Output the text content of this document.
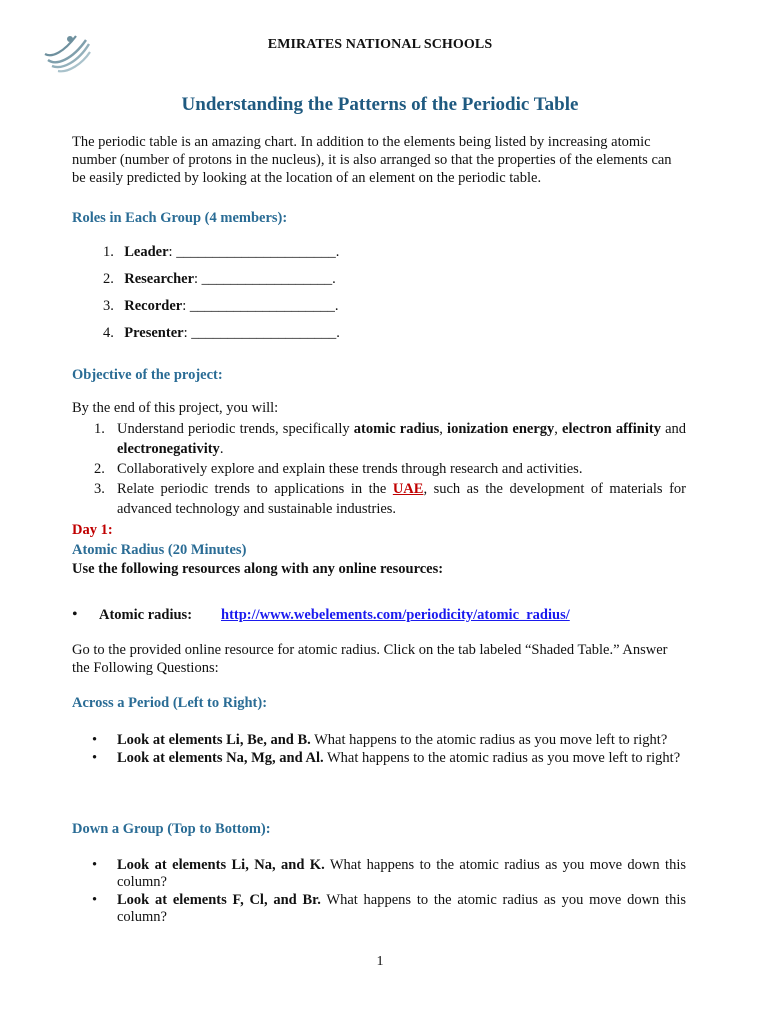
EMIRATES NATIONAL SCHOOLS
Understanding the Patterns of the Periodic Table
The periodic table is an amazing chart. In addition to the elements being listed by increasing atomic number (number of protons in the nucleus), it is also arranged so that the properties of the elements can be easily predicted by looking at the location of an element on the periodic table.
Roles in Each Group (4 members):
1. Leader: ______________________.
2. Researcher: __________________.
3. Recorder: ____________________.
4. Presenter: ____________________.
Objective of the project:
By the end of this project, you will:
1. Understand periodic trends, specifically atomic radius, ionization energy, electron affinity and electronegativity.
2. Collaboratively explore and explain these trends through research and activities.
3. Relate periodic trends to applications in the UAE, such as the development of materials for advanced technology and sustainable industries.
Day 1:
Atomic Radius (20 Minutes)
Use the following resources along with any online resources:
• Atomic radius: http://www.webelements.com/periodicity/atomic_radius/
Go to the provided online resource for atomic radius. Click on the tab labeled “Shaded Table.” Answer the Following Questions:
Across a Period (Left to Right):
• Look at elements Li, Be, and B. What happens to the atomic radius as you move left to right?
• Look at elements Na, Mg, and Al. What happens to the atomic radius as you move left to right?
Down a Group (Top to Bottom):
• Look at elements Li, Na, and K. What happens to the atomic radius as you move down this column?
• Look at elements F, Cl, and Br. What happens to the atomic radius as you move down this column?
1
